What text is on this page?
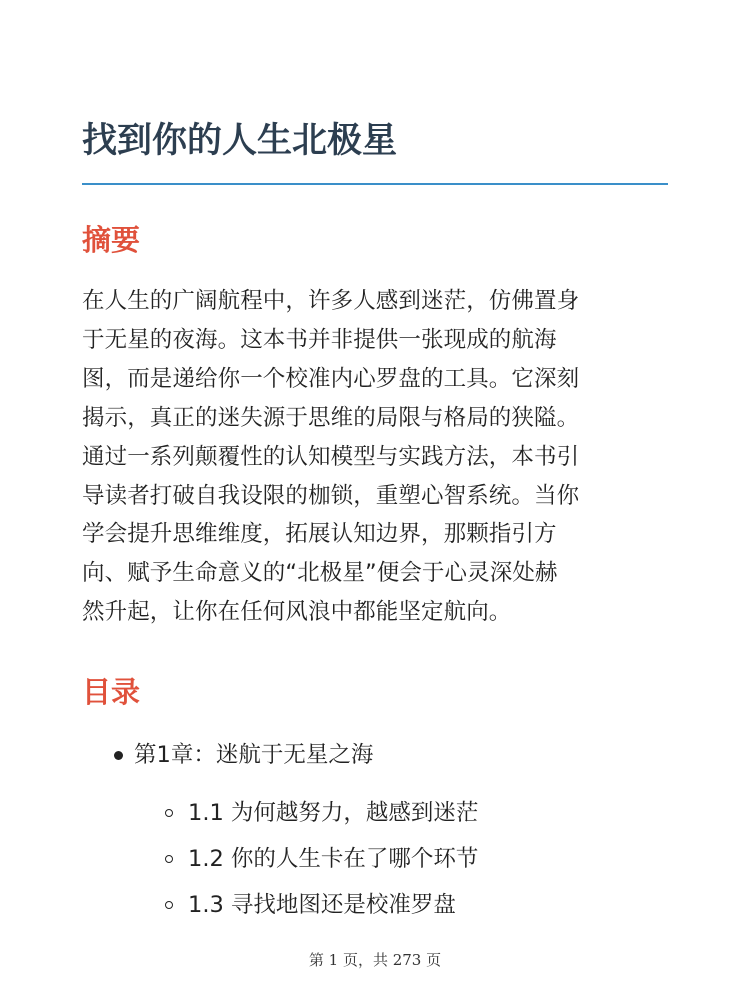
找到你的人生北极星
摘要

在人生的广阔航程中，许多人感到迷茫，仿佛置身
于无星的夜海。这本书并非提供一张现成的航海
图，而是递给你一个校准内心罗盘的工具。它深刻
揭示，真正的迷失源于思维的局限与格局的狭隘。
通过一系列颠覆性的认知模型与实践方法，本书引
导读者打破自我设限的枷锁，重塑心智系统。当你
学会提升思维维度，拓展认知边界，那颗指引方
向、赋予生命意义的“北极星”便会于心灵深处赫
然升起，让你在任何风浪中都能坚定航向。

目录
第1章：迷航于无星之海
1.1 为何越努力，越感到迷茫
1.2 你的人生卡在了哪个环节
1.3 寻找地图还是校准罗盘
第 1 页，共 273 页
